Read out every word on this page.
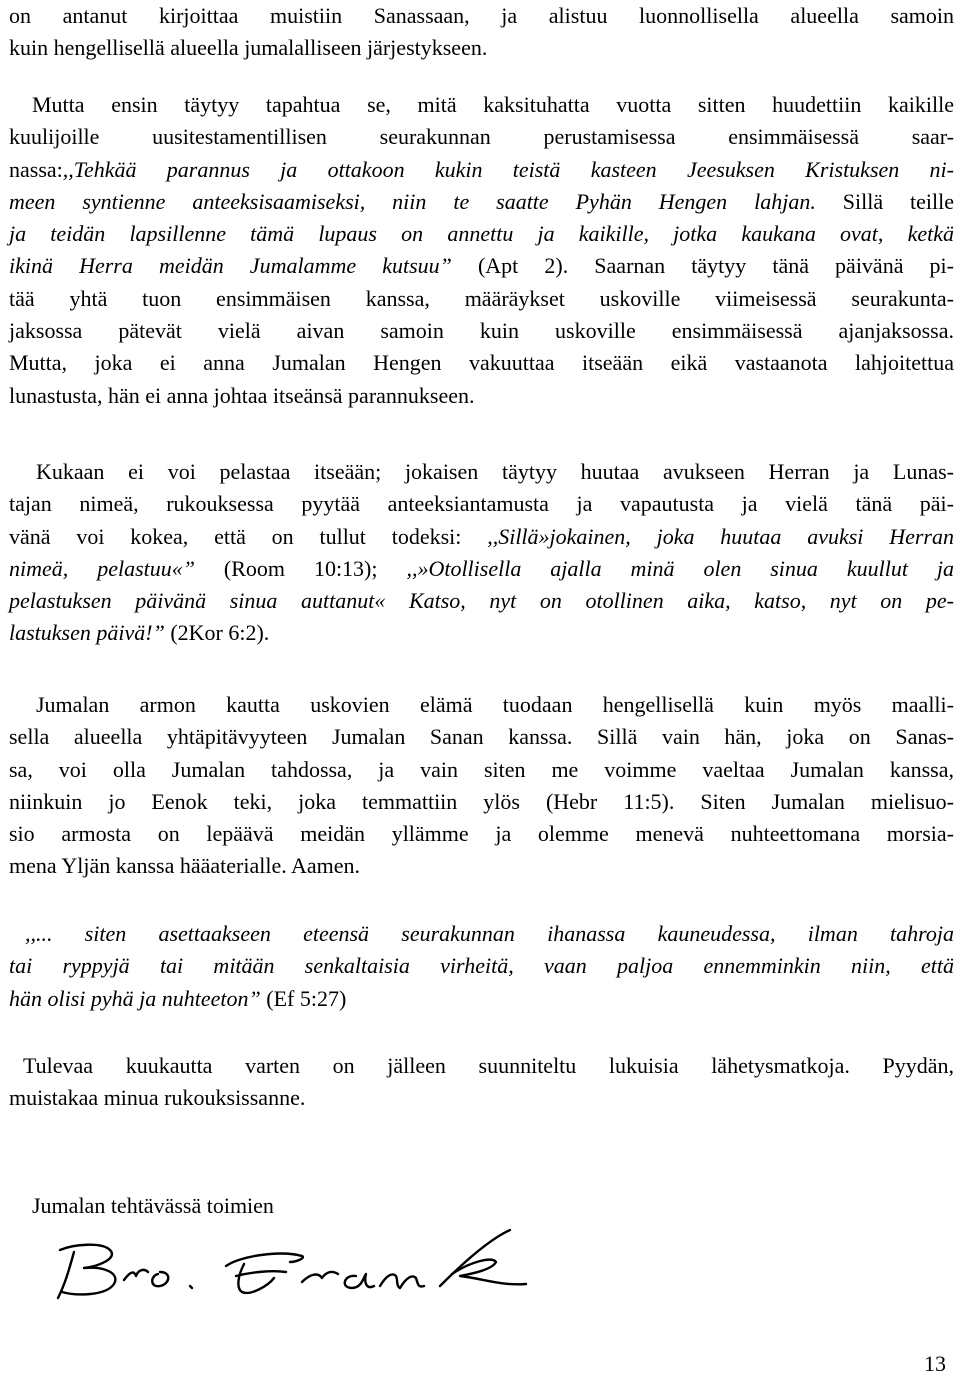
on antanut kirjoittaa muistiin Sanassaan, ja alistuu luonnollisella alueella samoin
kuin hengellisellä alueella jumalalliseen järjestykseen.
Mutta ensin täytyy tapahtua se, mitä kaksituhatta vuotta sitten huudettiin kaikille
kuulijoille uusitestamentillisen seurakunnan perustamisessa ensimmäisessä saar-
nassa:,,Tehkää parannus ja ottakoon kukin teistä kasteen Jeesuksen Kristuksen ni-
meen syntienne anteeksisaamiseksi, niin te saatte Pyhän Hengen lahjan. Sillä teille
ja teidän lapsillenne tämä lupaus on annettu ja kaikille, jotka kaukana ovat, ketkä
ikinä Herra meidän Jumalamme kutsuu” (Apt 2). Saarnan täytyy tänä päivänä pi-
tää yhtä tuon ensimmäisen kanssa, määräykset uskoville viimeisessä seurakunta-
jaksossa pätevät vielä aivan samoin kuin uskoville ensimmäisessä ajanjaksossa.
Mutta, joka ei anna Jumalan Hengen vakuuttaa itseään eikä vastaanota lahjoitettua
lunastusta, hän ei anna johtaa itseänsä parannukseen.
Kukaan ei voi pelastaa itseään; jokaisen täytyy huutaa avukseen Herran ja Lunas-
tajan nimeä, rukouksessa pyytää anteeksiantamusta ja vapautusta ja vielä tänä päi-
vänä voi kokea, että on tullut todeksi: ,,Sillä»jokainen, joka huutaa avuksi Herran
nimeä, pelastuu«” (Room 10:13); ,,»Otollisella ajalla minä olen sinua kuullut ja
pelastuksen päivänä sinua auttanut« Katso, nyt on otollinen aika, katso, nyt on pe-
lastuksen päivä!” (2Kor 6:2).
Jumalan armon kautta uskovien elämä tuodaan hengellisellä kuin myös maalli-
sella alueella yhtäpitävyyteen Jumalan Sanan kanssa. Sillä vain hän, joka on Sanas-
sa, voi olla Jumalan tahdossa, ja vain siten me voimme vaeltaa Jumalan kanssa,
niinkuin jo Eenok teki, joka temmattiin ylös (Hebr 11:5). Siten Jumalan mielisuo-
sio armosta on lepäävä meidän yllämme ja olemme menevä nuhteettomana morsia-
mena Yljän kanssa hääaterialle. Aamen.
,,... siten asettaakseen eteensä seurakunnan ihanassa kauneudessa, ilman tahroja
tai ryppyjä tai mitään senkaltaisia virheitä, vaan paljoa ennemminkin niin, että
hän olisi pyhä ja nuhteeton” (Ef 5:27)
Tulevaa kuukautta varten on jälleen suunniteltu lukuisia lähetysmatkoja. Pyydän,
muistakaa minua rukouksissanne.
Jumalan tehtävässä toimien
13
